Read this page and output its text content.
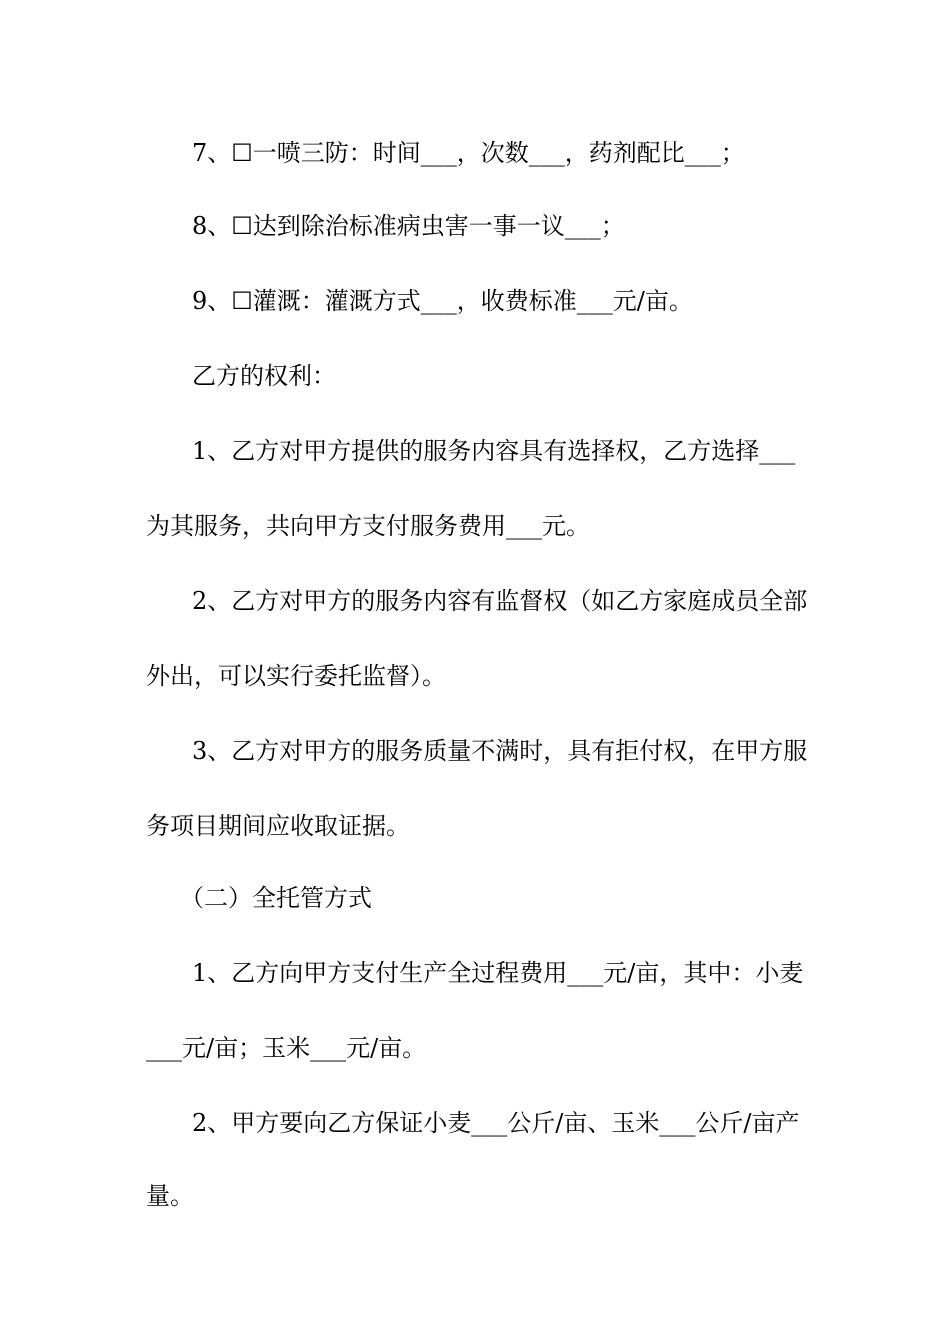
7、☐一喷三防：时间___，次数___，药剂配比___；
8、☐达到除治标准病虫害一事一议___；
9、☐灌溉：灌溉方式___，收费标准___元/亩。
乙方的权利：
1、乙方对甲方提供的服务内容具有选择权，乙方选择___
为其服务，共向甲方支付服务费用___元。
2、乙方对甲方的服务内容有监督权（如乙方家庭成员全部
外出，可以实行委托监督）。
3、乙方对甲方的服务质量不满时，具有拒付权，在甲方服
务项目期间应收取证据。
（二）全托管方式
1、乙方向甲方支付生产全过程费用___元/亩，其中：小麦
___元/亩；玉米___元/亩。
2、甲方要向乙方保证小麦___公斤/亩、玉米___公斤/亩产
量。
